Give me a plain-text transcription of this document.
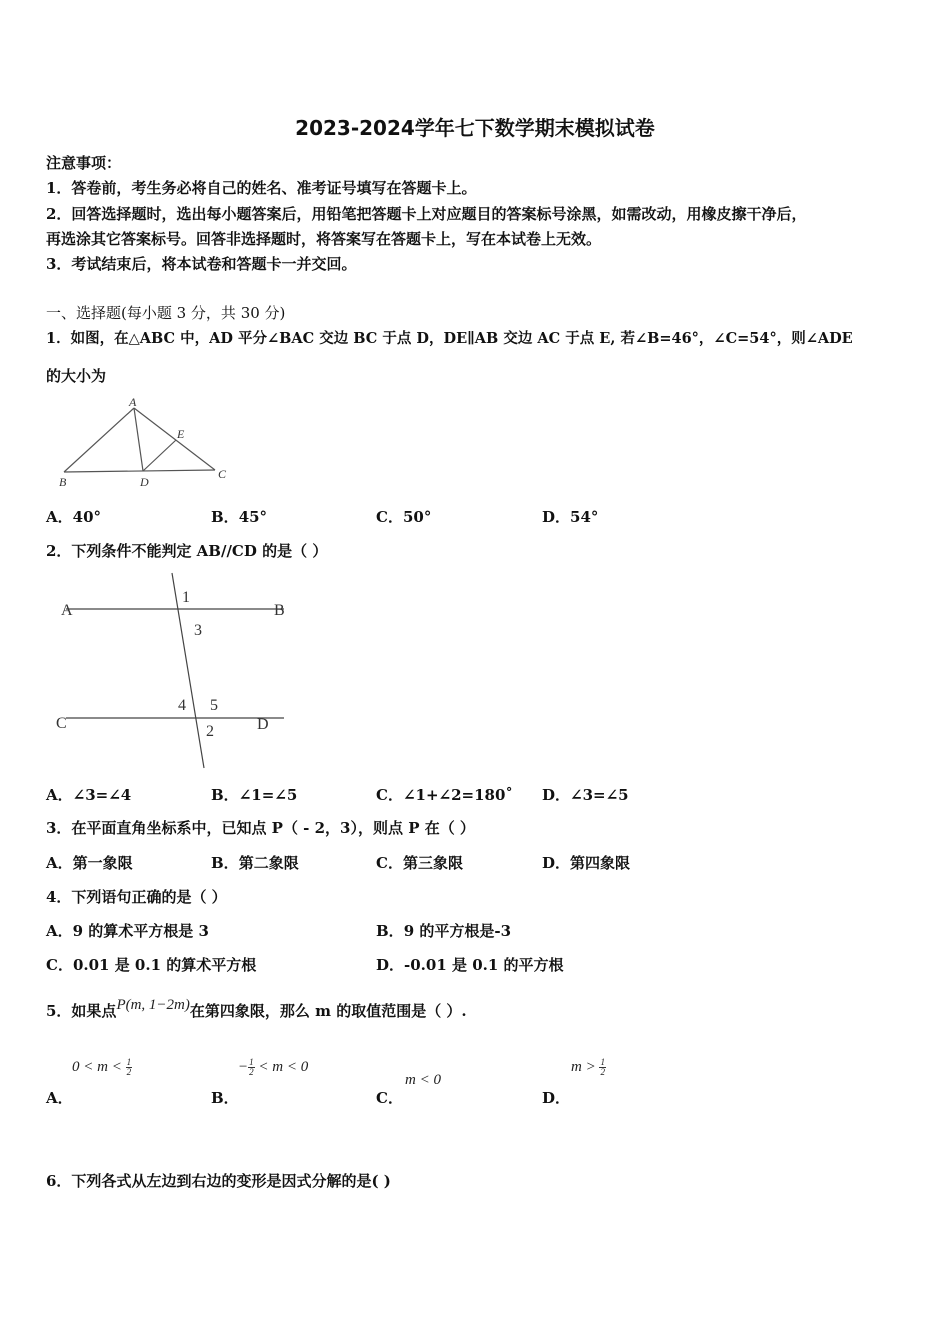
2023-2024学年七下数学期末模拟试卷
注意事项：
1．答卷前，考生务必将自己的姓名、准考证号填写在答题卡上。
2．回答选择题时，选出每小题答案后，用铅笔把答题卡上对应题目的答案标号涂黑，如需改动，用橡皮擦干净后，
再选涂其它答案标号。回答非选择题时，将答案写在答题卡上，写在本试卷上无效。
3．考试结束后，将本试卷和答题卡一并交回。
一、选择题(每小题 3 分，共 30 分)
1．如图，在△ABC 中，AD 平分∠BAC 交边 BC 于点 D，DE∥AB 交边 AC 于点 E, 若∠B=46°，∠C=54°，则∠ADE
的大小为
A
B
C
D
E
A．40°	B．45°	C．50°	D．54°
2．下列条件不能判定 AB//CD 的是（ ）
A	B
C	D
1
3
4 5
2
A．∠3=∠4	B．∠1=∠5	C．∠1+∠2=180˚ D．∠3=∠5
3．在平面直角坐标系中，已知点 P（ - 2，3），则点 P 在（ ）
A．第一象限	B．第二象限	C．第三象限	D．第四象限
4．下列语句正确的是（ ）
A．9 的算术平方根是 3	B．9 的平方根是-3
C．0.01 是 0.1 的算术平方根	D．-0.01 是 0.1 的平方根
5．如果点P(m, 1−2m)在第四象限，那么 m 的取值范围是（ ）.
$0 < m < \frac{1}{2}$
A．
− $\frac{1}{2} < m < 0$
B．
m < 0
C．
$m > \frac{1}{2}$
D．
6．下列各式从左边到右边的变形是因式分解的是( )
